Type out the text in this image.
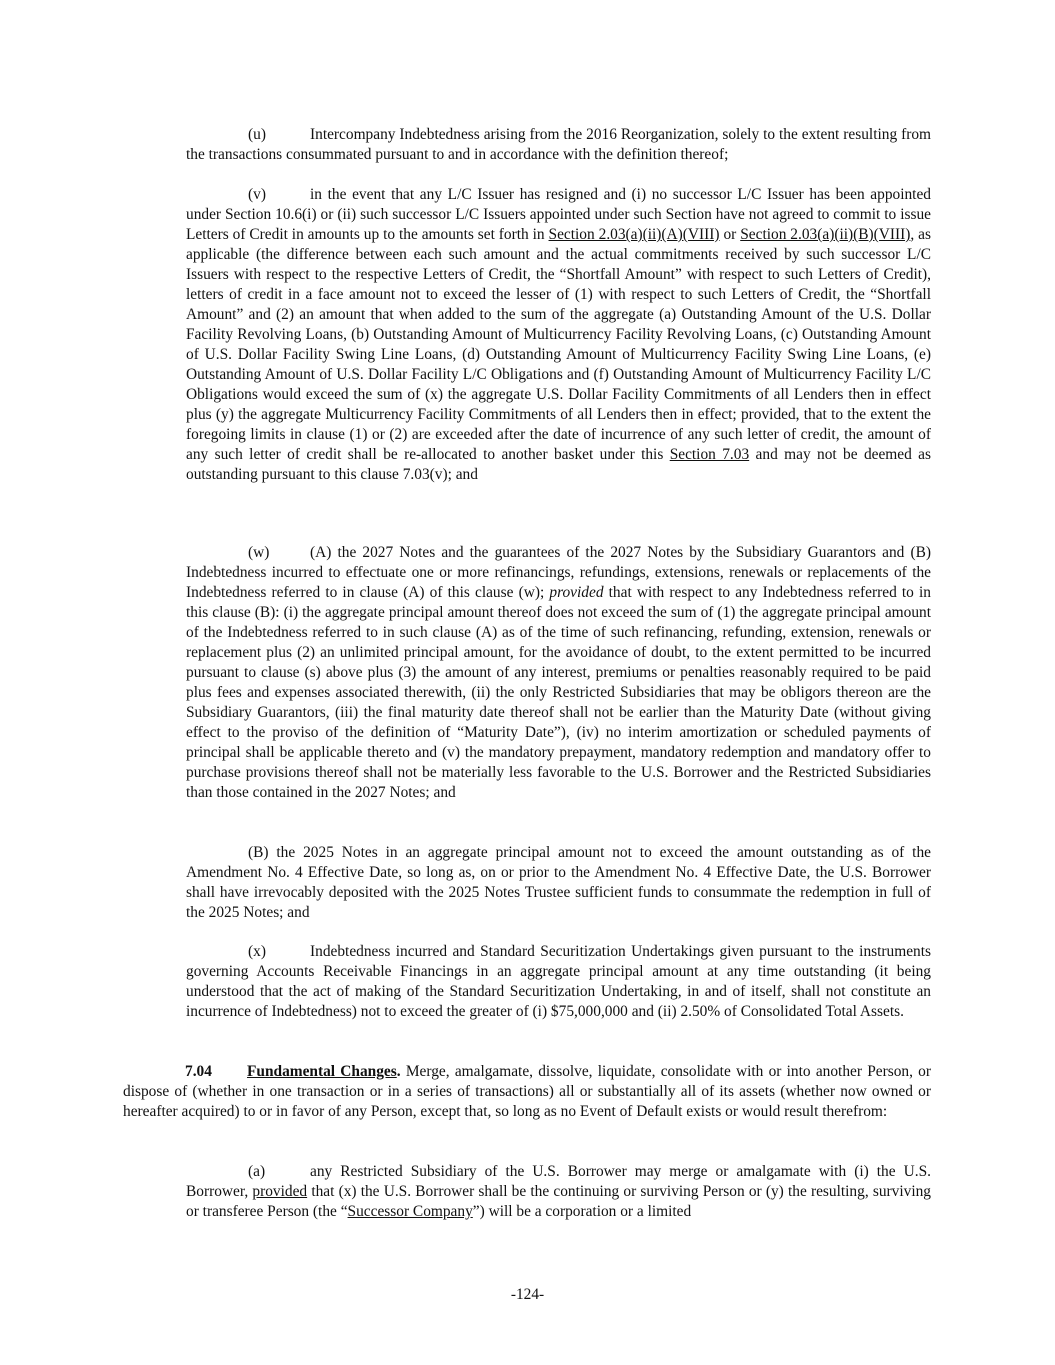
(u)	Intercompany Indebtedness arising from the 2016 Reorganization, solely to the extent resulting from the transactions consummated pursuant to and in accordance with the definition thereof;

(v)	in the event that any L/C Issuer has resigned and (i) no successor L/C Issuer has been appointed under Section 10.6(i) or (ii) such successor L/C Issuers appointed under such Section have not agreed to commit to issue Letters of Credit in amounts up to the amounts set forth in Section 2.03(a)(ii)(A)(VIII) or Section 2.03(a)(ii)(B)(VIII), as applicable (the difference between each such amount and the actual commitments received by such successor L/C Issuers with respect to the respective Letters of Credit, the “Shortfall Amount” with respect to such Letters of Credit), letters of credit in a face amount not to exceed the lesser of (1) with respect to such Letters of Credit, the “Shortfall Amount” and (2) an amount that when added to the sum of the aggregate (a) Outstanding Amount of the U.S. Dollar Facility Revolving Loans, (b) Outstanding Amount of Multicurrency Facility Revolving Loans, (c) Outstanding Amount of U.S. Dollar Facility Swing Line Loans, (d) Outstanding Amount of Multicurrency Facility Swing Line Loans, (e) Outstanding Amount of U.S. Dollar Facility L/C Obligations and (f) Outstanding Amount of Multicurrency Facility L/C Obligations would exceed the sum of (x) the aggregate U.S. Dollar Facility Commitments of all Lenders then in effect plus (y) the aggregate Multicurrency Facility Commitments of all Lenders then in effect; provided, that to the extent the foregoing limits in clause (1) or (2) are exceeded after the date of incurrence of any such letter of credit, the amount of any such letter of credit shall be re-allocated to another basket under this Section 7.03 and may not be deemed as outstanding pursuant to this clause 7.03(v); and

(w)	(A) the 2027 Notes and the guarantees of the 2027 Notes by the Subsidiary Guarantors and (B) Indebtedness incurred to effectuate one or more refinancings, refundings, extensions, renewals or replacements of the Indebtedness referred to in clause (A) of this clause (w); provided that with respect to any Indebtedness referred to in this clause (B): (i) the aggregate principal amount thereof does not exceed the sum of (1) the aggregate principal amount of the Indebtedness referred to in such clause (A) as of the time of such refinancing, refunding, extension, renewals or replacement plus (2) an unlimited principal amount, for the avoidance of doubt, to the extent permitted to be incurred pursuant to clause (s) above plus (3) the amount of any interest, premiums or penalties reasonably required to be paid plus fees and expenses associated therewith, (ii) the only Restricted Subsidiaries that may be obligors thereon are the Subsidiary Guarantors, (iii) the final maturity date thereof shall not be earlier than the Maturity Date (without giving effect to the proviso of the definition of “Maturity Date”), (iv) no interim amortization or scheduled payments of principal shall be applicable thereto and (v) the mandatory prepayment, mandatory redemption and mandatory offer to purchase provisions thereof shall not be materially less favorable to the U.S. Borrower and the Restricted Subsidiaries than those contained in the 2027 Notes; and

(B) the 2025 Notes in an aggregate principal amount not to exceed the amount outstanding as of the Amendment No. 4 Effective Date, so long as, on or prior to the Amendment No. 4 Effective Date, the U.S. Borrower shall have irrevocably deposited with the 2025 Notes Trustee sufficient funds to consummate the redemption in full of the 2025 Notes; and

(x)	Indebtedness incurred and Standard Securitization Undertakings given pursuant to the instruments governing Accounts Receivable Financings in an aggregate principal amount at any time outstanding (it being understood that the act of making of the Standard Securitization Undertaking, in and of itself, shall not constitute an incurrence of Indebtedness) not to exceed the greater of (i) $75,000,000 and (ii) 2.50% of Consolidated Total Assets.

7.04 Fundamental Changes. Merge, amalgamate, dissolve, liquidate, consolidate with or into another Person, or dispose of (whether in one transaction or in a series of transactions) all or substantially all of its assets (whether now owned or hereafter acquired) to or in favor of any Person, except that, so long as no Event of Default exists or would result therefrom:

(a)	any Restricted Subsidiary of the U.S. Borrower may merge or amalgamate with (i) the U.S. Borrower, provided that (x) the U.S. Borrower shall be the continuing or surviving Person or (y) the resulting, surviving or transferee Person (the “Successor Company”) will be a corporation or a limited

-124-
